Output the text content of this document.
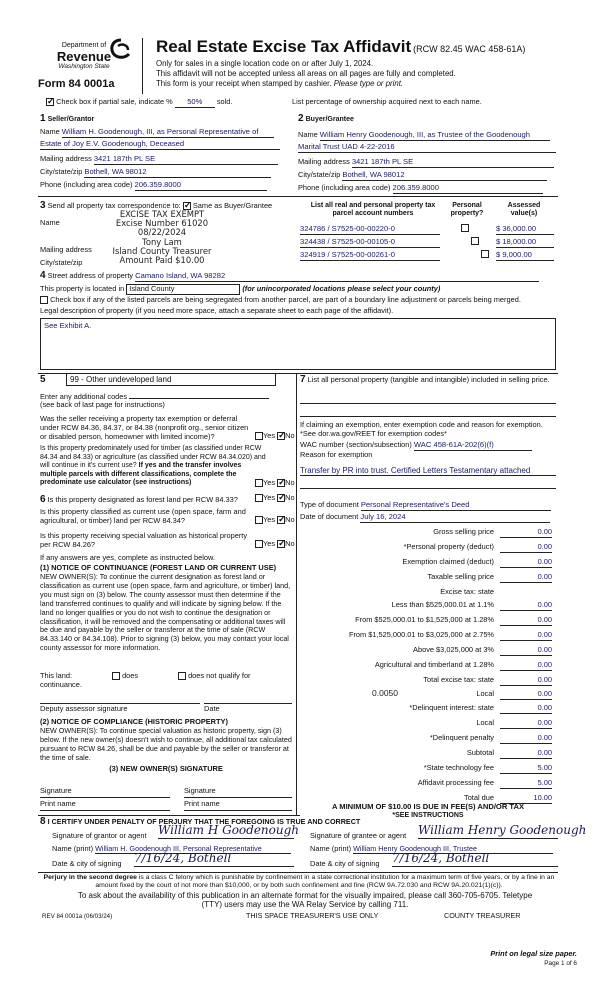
Department of
Revenue
Washington State
Form 84 0001a
Real Estate Excise Tax Affidavit (RCW 82.45 WAC 458-61A)
Only for sales in a single location code on or after July 1, 2024.
This affidavit will not be accepted unless all areas on all pages are fully and completed.
This form is your receipt when stamped by cashier. Please type or print.
✓ Check box if partial sale, indicate % 50% sold.	List percentage of ownership acquired next to each name.
1 Seller/Grantor
Name William H. Goodenough, III, as Personal Representative of
Estate of Joy E.V. Goodenough, Deceased
Mailing address 3421 187th PL SE
City/state/zip Bothell, WA 98012
Phone (including area code) 206.359.8000
2 Buyer/Grantee
Name William Henry Goodenough, III, as Trustee of the Goodenough
Marital Trust UAD 4-22-2016
Mailing address 3421 187th PL SE
City/state/zip Bothell, WA 98012
Phone (including area code) 206.359.8000
3 Send all property tax correspondence to: ✓ Same as Buyer/Grantee
Name
Mailing address
City/state/zip
EXCISE TAX EXEMPT
Excise Number 61020
08/22/2024
Tony Lam
Island County Treasurer
Amount Paid $10.00
List all real and personal property tax parcel account numbers
Personal property?
Assessed value(s)
324786 / S7525-00-00220-0
	$ 36,000.00
324438 / S7525-00-00105-0
	$ 18,000.00
324919 / S7525-00-00261-0	$ 9,000.00
4 Street address of property Camano Island, WA 98282
This property is located in Island County	(for unincorporated locations please select your county)
Check box if any of the listed parcels are being segregated from another parcel, are part of a boundary line adjustment or parcels being merged.
Legal description of property (if you need more space, attach a separate sheet to each page of the affidavit).
See Exhibit A.
5	99 - Other undeveloped land
Enter any additional codes
(see back of last page for instructions)
Was the seller receiving a property tax exemption or deferral under RCW 84.36, 84.37, or 84.38 (nonprofit org., senior citizen or disabled person, homeowner with limited income)?	Yes ✓ No
Is this property predominately used for timber (as classified under RCW 84.34 and 84.33) or agriculture (as classified under RCW 84.34.020) and will continue in it's current use? If yes and the transfer involves multiple parcels with different classifications, complete the predominate use calculator (see instructions)	Yes ✓ No
6 Is this property designated as forest land per RCW 84.33?	Yes ✓ No
Is this property classified as current use (open space, farm and agricultural, or timber) land per RCW 84.34?	Yes ✓ No
Is this property receiving special valuation as historical property per RCW 84.26?	Yes ✓ No
If any answers are yes, complete as instructed below.
(1) NOTICE OF CONTINUANCE (FOREST LAND OR CURRENT USE)
NEW OWNER(S): To continue the current designation as forest land or classification as current use (open space, farm and agriculture, or timber) land, you must sign on (3) below. The county assessor must then determine if the land transferred continues to qualify and will indicate by signing below. If the land no longer qualifies or you do not wish to continue the designation or classification, it will be removed and the compensating or additional taxes will be due and payable by the seller or transferor at the time of sale (RCW 84.33.140 or 84.34.108). Prior to signing (3) below, you may contact your local county assessor for more information.
This land:	does	does not qualify for
continuance.
Deputy assessor signature	Date
(2) NOTICE OF COMPLIANCE (HISTORIC PROPERTY)
NEW OWNER(S): To continue special valuation as historic property, sign (3) below. If the new owner(s) doesn't wish to continue, all additional tax calculated pursuant to RCW 84.26, shall be due and payable by the seller or transferor at the time of sale.
(3) NEW OWNER(S) SIGNATURE
Signature	Signature
Print name	Print name
7 List all personal property (tangible and intangible) included in selling price.
If claiming an exemption, enter exemption code and reason for exemption. *See dor.wa.gov/REET for exemption codes*
WAC number (section/subsection) WAC 458-61A-202(6)(f)
Reason for exemption
Transfer by PR into trust. Certified Letters Testamentary attached
Type of document Personal Representative's Deed
Date of document July 16, 2024
Gross selling price	0.00
*Personal property (deduct)	0.00
Exemption claimed (deduct)	0.00
Taxable selling price	0.00
Excise tax: state
Less than $525,000.01 at 1.1%	0.00
From $525,000.01 to $1,525,000 at 1.28%	0.00
From $1,525,000.01 to $3,025,000 at 2.75%	0.00
Above $3,025,000 at 3%	0.00
Agricultural and timberland at 1.28%	0.00
Total excise tax: state	0.00
0.0050	Local	0.00
*Delinquent interest: state	0.00
Local	0.00
*Delinquent penalty	0.00
Subtotal	0.00
*State technology fee	5.00
Affidavit processing fee	5.00
Total due	10.00
A MINIMUM OF $10.00 IS DUE IN FEE(S) AND/OR TAX
*SEE INSTRUCTIONS
8 I CERTIFY UNDER PENALTY OF PERJURY THAT THE FOREGOING IS TRUE AND CORRECT
Signature of grantor or agent William H Goodenough
Name (print) William H. Goodenough III, Personal Representative
Date & city of signing 7/16/24, Bothell
Signature of grantee or agent William Henry Goodenough
Name (print) William Henry Goodenough III, Trustee
Date & city of signing 7/16/24, Bothell
Perjury in the second degree is a class C felony which is punishable by confinement in a state correctional institution for a maximum term of five years, or by a fine in an amount fixed by the court of not more than $10,000, or by both such confinement and fine (RCW 9A.72.030 and RCW 9A.20.021(1)(c)).
To ask about the availability of this publication in an alternate format for the visually impaired, please call 360-705-6705. Teletype (TTY) users may use the WA Relay Service by calling 711.
REV 84 0001a (06/03/24)	THIS SPACE TREASURER'S USE ONLY	COUNTY TREASURER
Print on legal size paper.
Page 1 of 6
